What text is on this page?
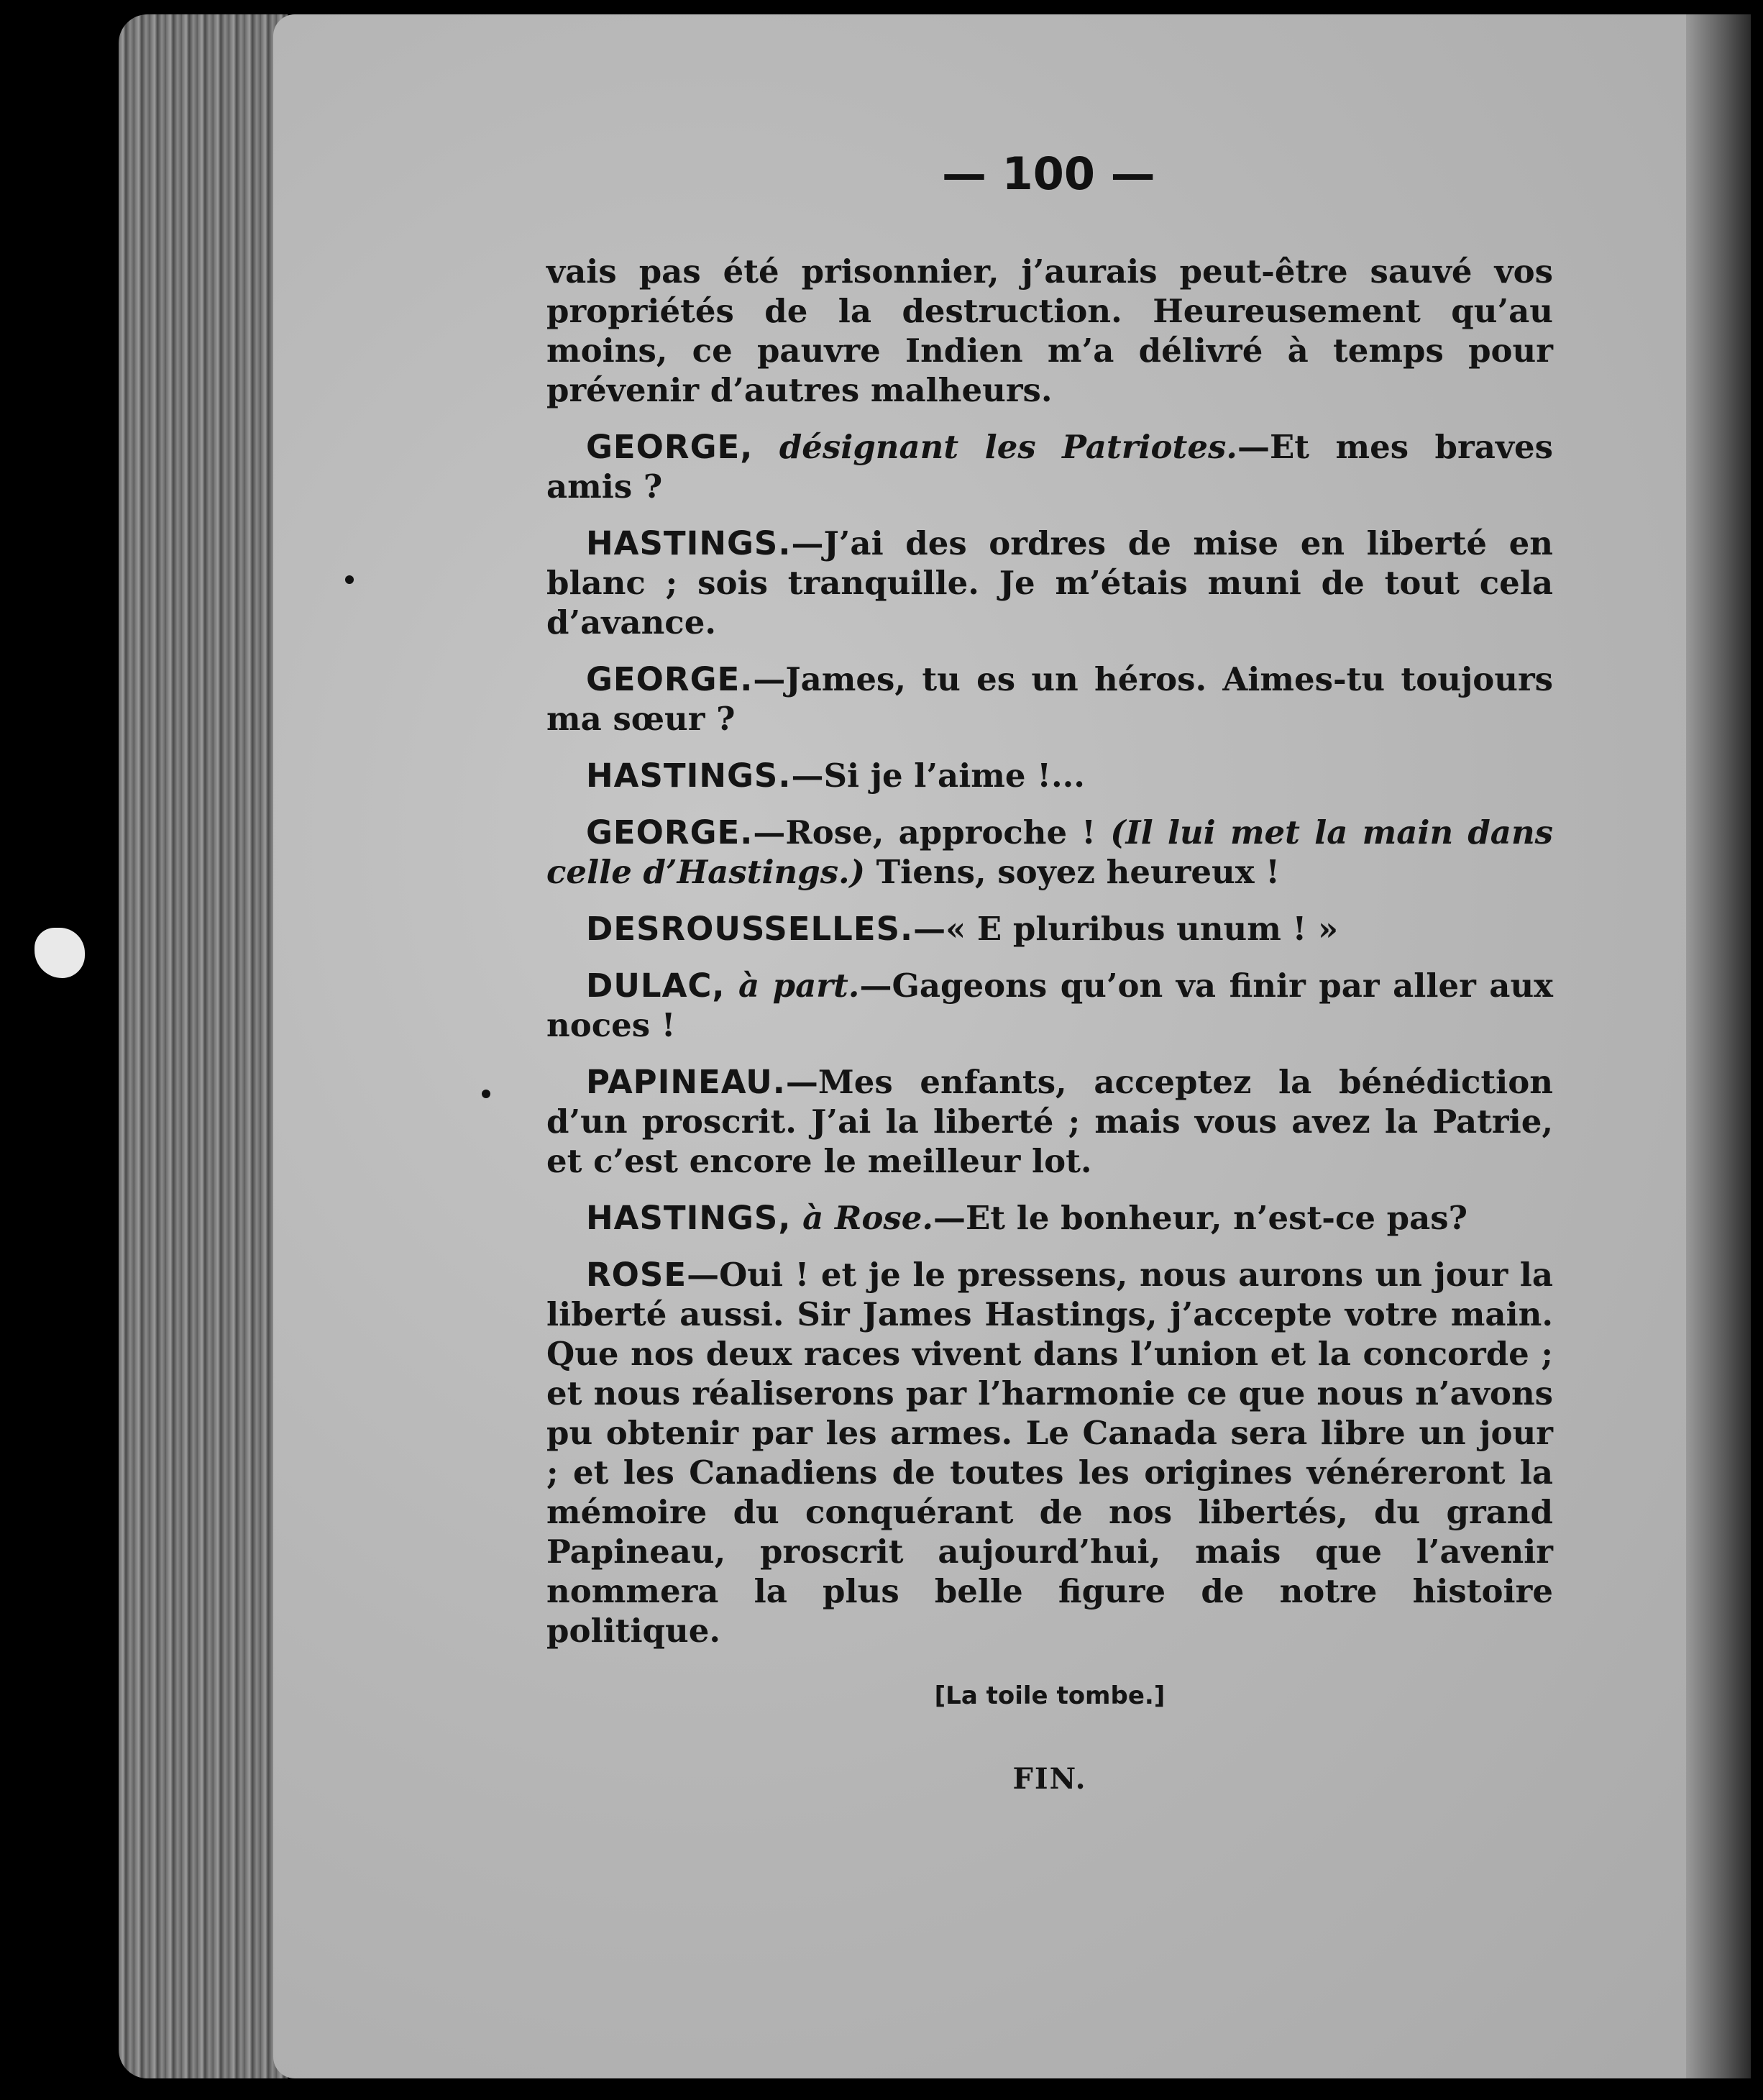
— 100 —

vais pas été prisonnier, j’aurais peut-être sauvé vos propriétés de la destruction. Heureusement qu’au moins, ce pauvre Indien m’a délivré à temps pour prévenir d’autres malheurs.

GEORGE, désignant les Patriotes.—Et mes braves amis ?

HASTINGS.—J’ai des ordres de mise en liberté en blanc ; sois tranquille. Je m’étais muni de tout cela d’avance.

GEORGE.—James, tu es un héros. Aimes-tu toujours ma sœur ?

HASTINGS.—Si je l’aime !...

GEORGE.—Rose, approche ! (Il lui met la main dans celle d’Hastings.) Tiens, soyez heureux !

DESROUSSELLES.—« E pluribus unum ! »

DULAC, à part.—Gageons qu’on va finir par aller aux noces !

PAPINEAU.—Mes enfants, acceptez la bénédiction d’un proscrit. J’ai la liberté ; mais vous avez la Patrie, et c’est encore le meilleur lot.

HASTINGS, à Rose.—Et le bonheur, n’est-ce pas?

ROSE—Oui ! et je le pressens, nous aurons un jour la liberté aussi. Sir James Hastings, j’accepte votre main. Que nos deux races vivent dans l’union et la concorde ; et nous réaliserons par l’harmonie ce que nous n’avons pu obtenir par les armes. Le Canada sera libre un jour ; et les Canadiens de toutes les origines vénéreront la mémoire du conquérant de nos libertés, du grand Papineau, proscrit aujourd’hui, mais que l’avenir nommera la plus belle figure de notre histoire politique.

[La toile tombe.]
FIN.
